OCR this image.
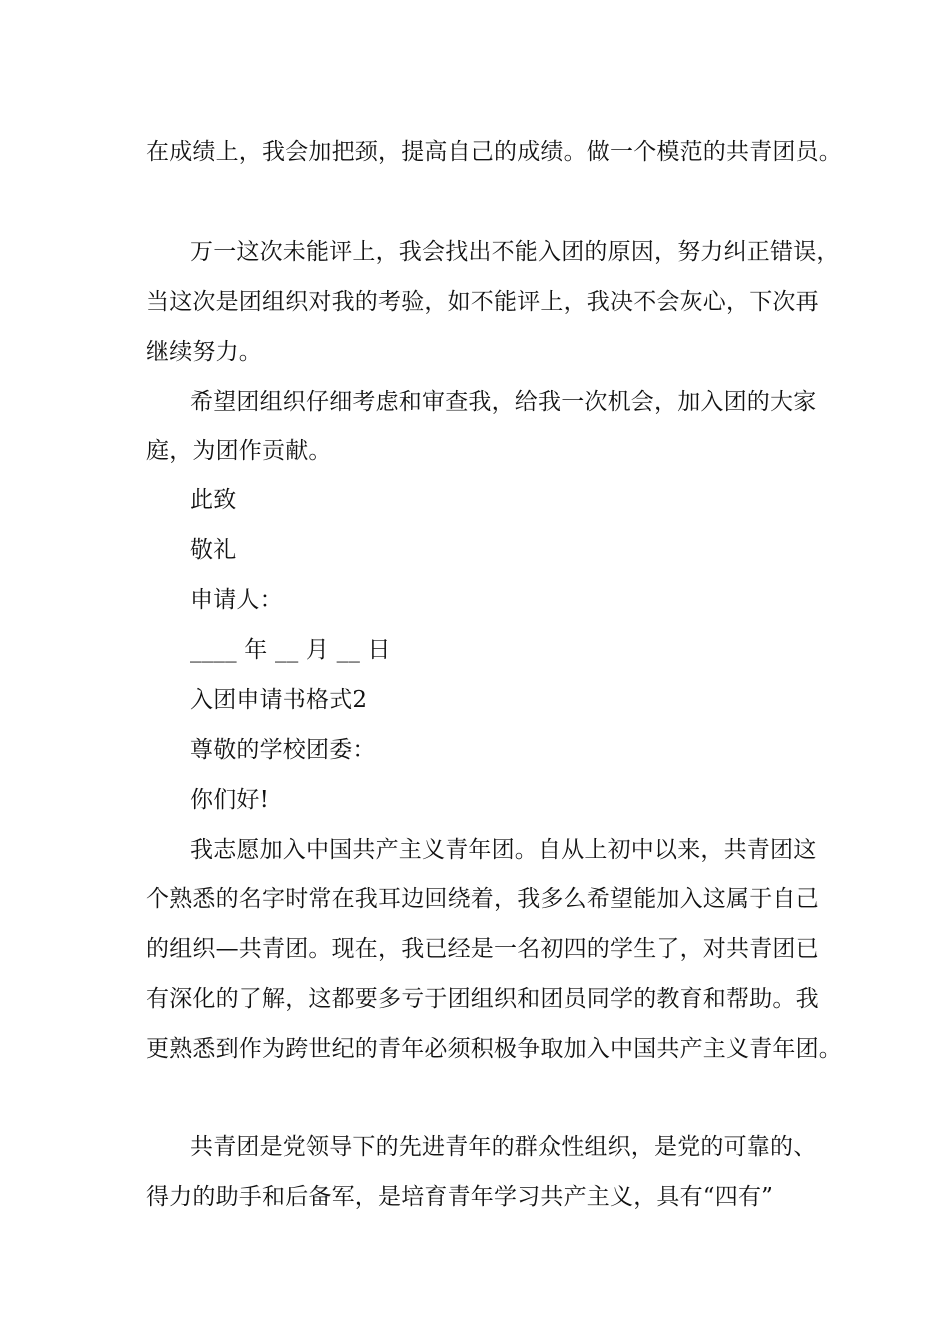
在成绩上，我会加把颈，提高自己的成绩。做一个模范的共青团员。
万一这次未能评上，我会找出不能入团的原因，努力纠正错误，
当这次是团组织对我的考验，如不能评上，我决不会灰心，下次再
继续努力。
希望团组织仔细考虑和审查我，给我一次机会，加入团的大家
庭，为团作贡献。
此致
敬礼
申请人：
____ 年 __ 月 __ 日
入团申请书格式2
尊敬的学校团委：
你们好!
我志愿加入中国共产主义青年团。自从上初中以来，共青团这
个熟悉的名字时常在我耳边回绕着，我多么希望能加入这属于自己
的组织—共青团。现在，我已经是一名初四的学生了，对共青团已
有深化的了解，这都要多亏于团组织和团员同学的教育和帮助。我
更熟悉到作为跨世纪的青年必须积极争取加入中国共产主义青年团。
共青团是党领导下的先进青年的群众性组织，是党的可靠的、
得力的助手和后备军，是培育青年学习共产主义，具有“四有”
